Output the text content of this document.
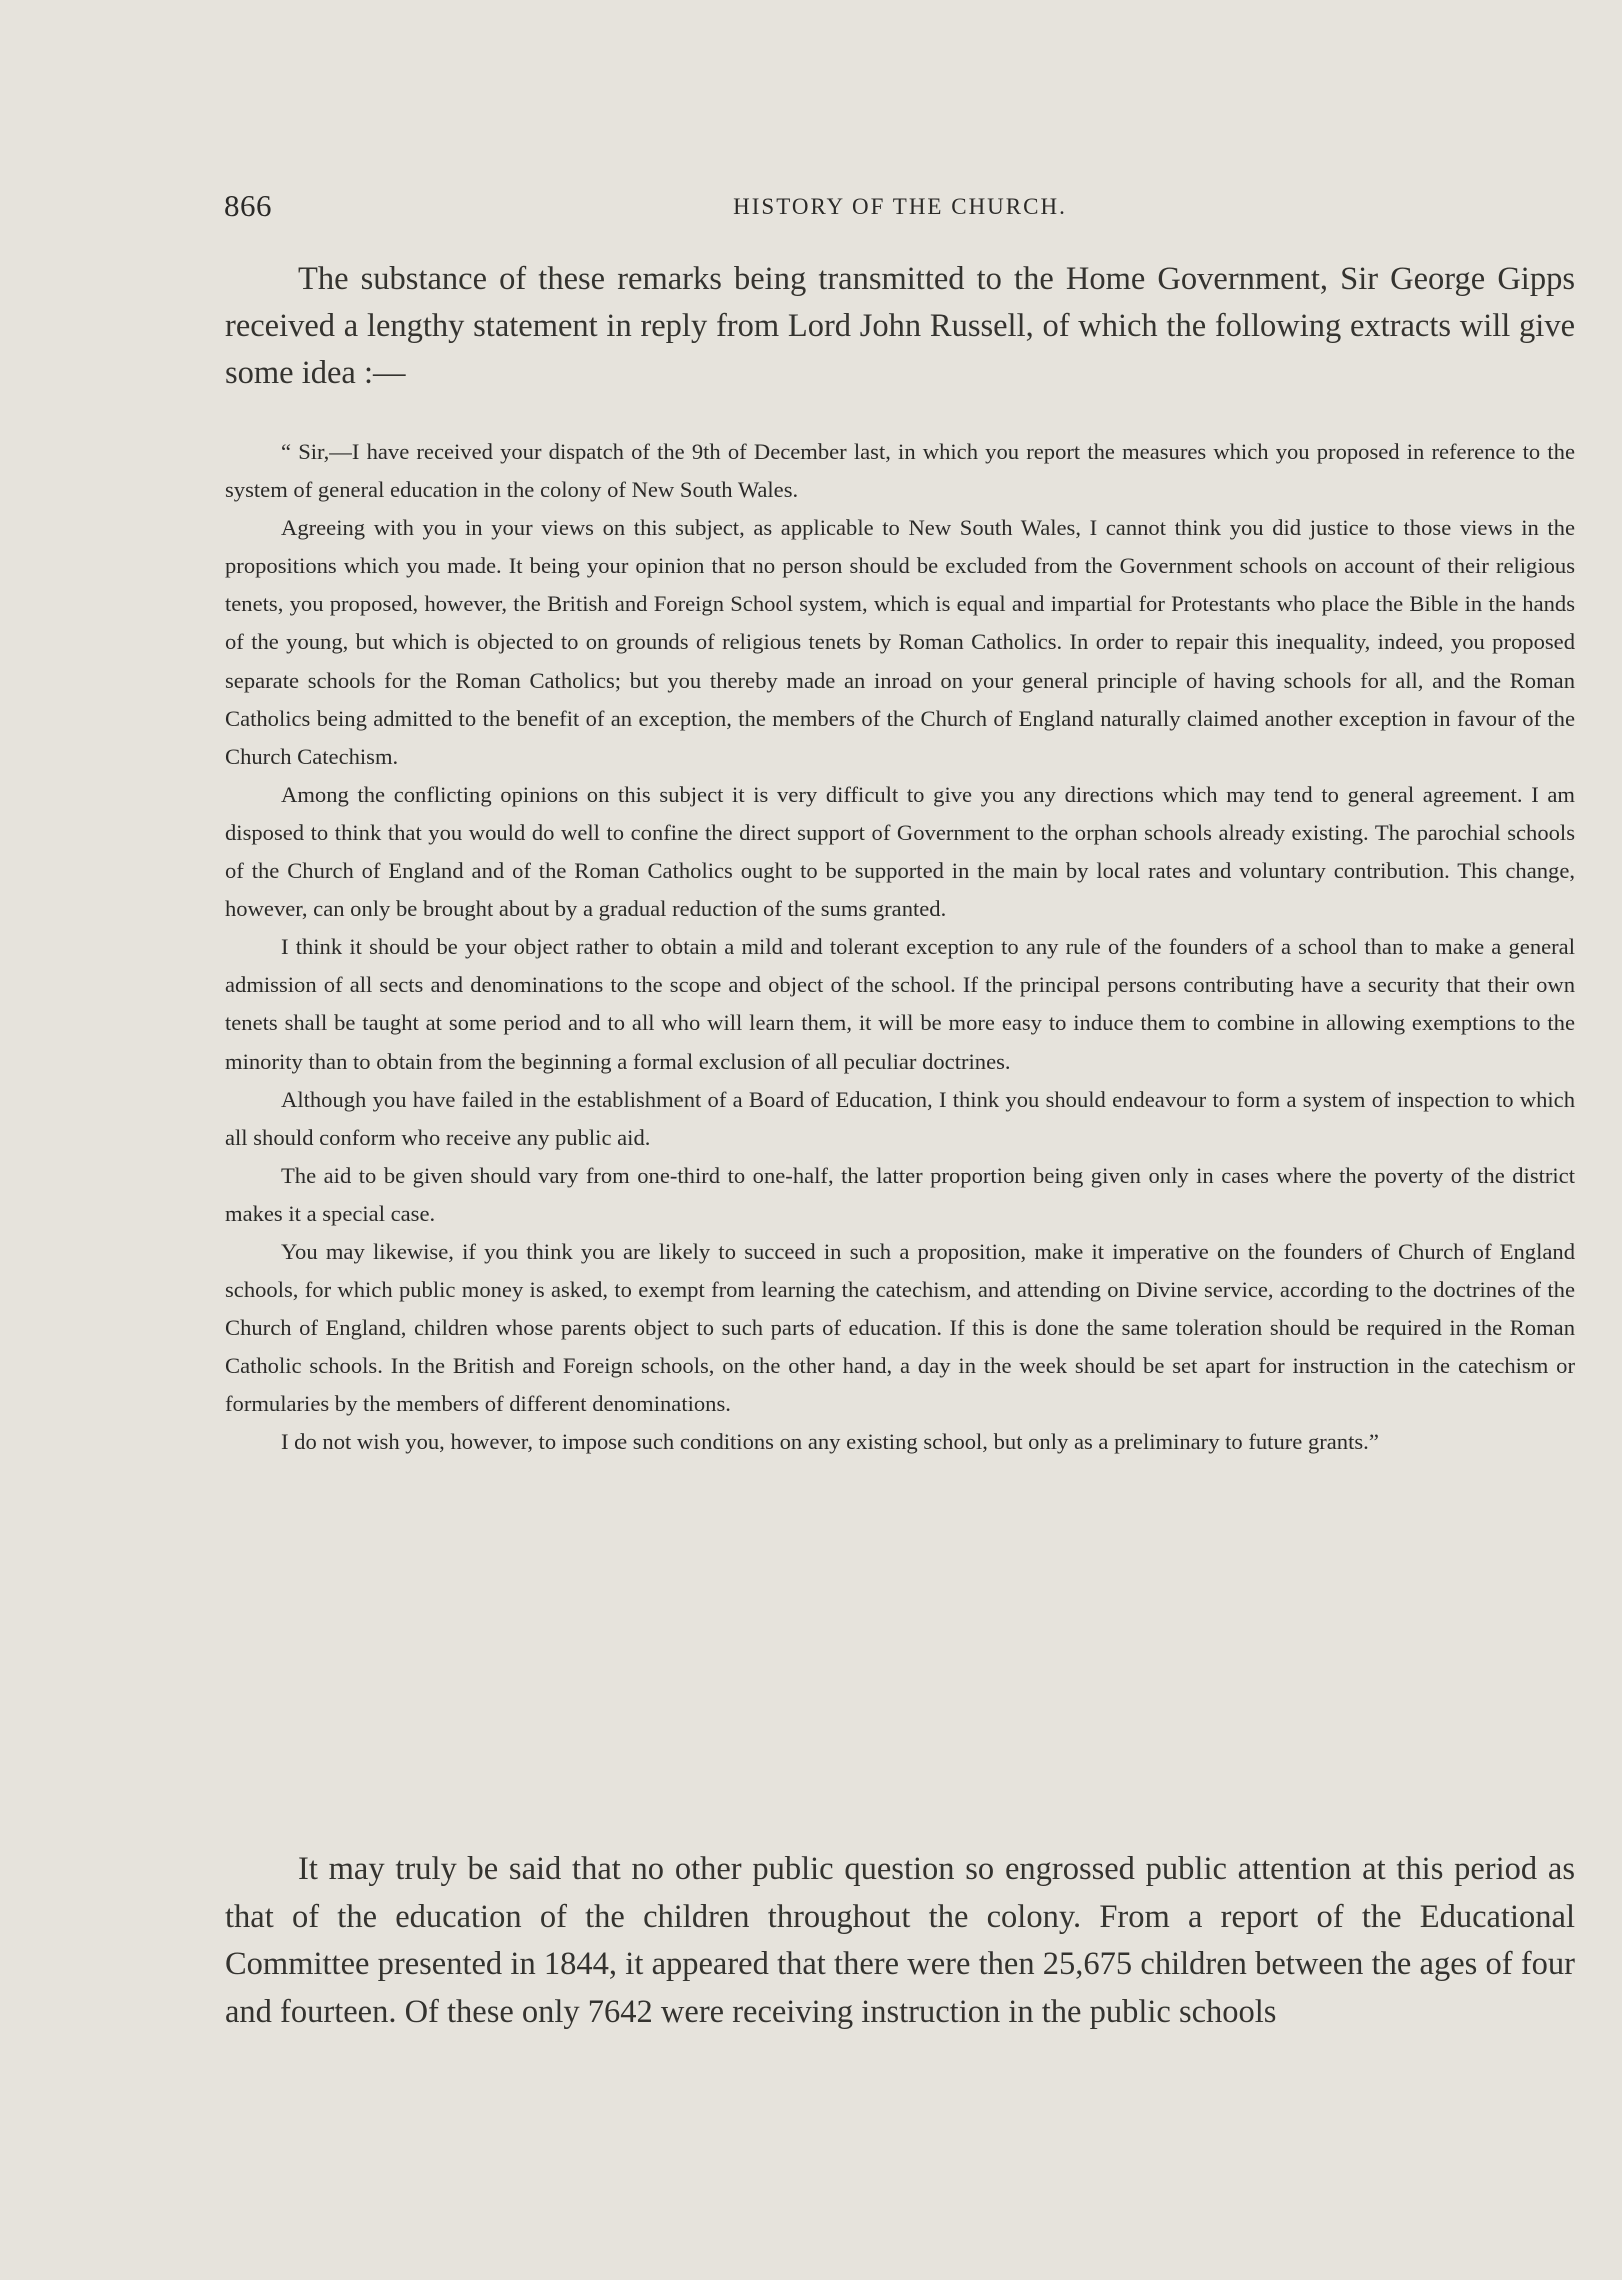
866	HISTORY OF THE CHURCH.

The substance of these remarks being transmitted to the Home Government, Sir George Gipps received a lengthy statement in reply from Lord John Russell, of which the following extracts will give some idea :—

“ Sir,—I have received your dispatch of the 9th of December last, in which you report the measures which you proposed in reference to the system of general education in the colony of New South Wales.

Agreeing with you in your views on this subject, as applicable to New South Wales, I cannot think you did justice to those views in the propositions which you made. It being your opinion that no person should be excluded from the Government schools on account of their religious tenets, you proposed, however, the British and Foreign School system, which is equal and impartial for Protestants who place the Bible in the hands of the young, but which is objected to on grounds of religious tenets by Roman Catholics. In order to repair this inequality, indeed, you proposed separate schools for the Roman Catholics; but you thereby made an inroad on your general principle of having schools for all, and the Roman Catholics being admitted to the benefit of an exception, the members of the Church of England naturally claimed another exception in favour of the Church Catechism.

Among the conflicting opinions on this subject it is very difficult to give you any directions which may tend to general agreement. I am disposed to think that you would do well to confine the direct support of Government to the orphan schools already existing. The parochial schools of the Church of England and of the Roman Catholics ought to be supported in the main by local rates and voluntary contribution. This change, however, can only be brought about by a gradual reduction of the sums granted.

I think it should be your object rather to obtain a mild and tolerant exception to any rule of the founders of a school than to make a general admission of all sects and denominations to the scope and object of the school. If the principal persons contributing have a security that their own tenets shall be taught at some period and to all who will learn them, it will be more easy to induce them to combine in allowing exemptions to the minority than to obtain from the beginning a formal exclusion of all peculiar doctrines.

Although you have failed in the establishment of a Board of Education, I think you should endeavour to form a system of inspection to which all should conform who receive any public aid.

The aid to be given should vary from one-third to one-half, the latter proportion being given only in cases where the poverty of the district makes it a special case.

You may likewise, if you think you are likely to succeed in such a proposition, make it imperative on the founders of Church of England schools, for which public money is asked, to exempt from learning the catechism, and attending on Divine service, according to the doctrines of the Church of England, children whose parents object to such parts of education. If this is done the same toleration should be required in the Roman Catholic schools. In the British and Foreign schools, on the other hand, a day in the week should be set apart for instruction in the catechism or formularies by the members of different denominations.

I do not wish you, however, to impose such conditions on any existing school, but only as a preliminary to future grants.”

It may truly be said that no other public question so engrossed public attention at this period as that of the education of the children throughout the colony. From a report of the Educational Committee presented in 1844, it appeared that there were then 25,675 children between the ages of four and fourteen. Of these only 7642 were receiving instruction in the public schools
